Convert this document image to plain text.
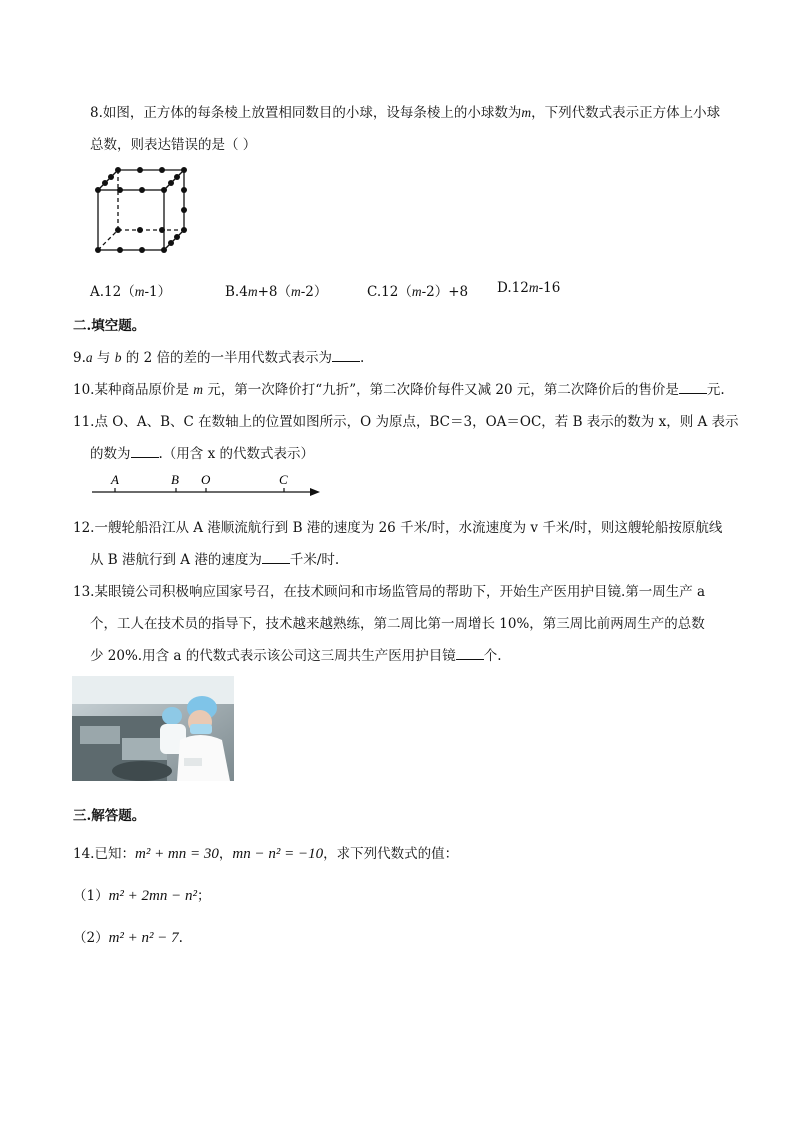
8.如图，正方体的每条棱上放置相同数目的小球，设每条棱上的小球数为m，下列代数式表示正方体上小球
总数，则表达错误的是（ ）
A.12（m-1）	B.4m+8（m-2）	C.12（m-2）+8 D.12m-16
二.填空题。
9.a 与 b 的 2 倍的差的一半用代数式表示为 .
10.某种商品原价是 m 元，第一次降价打“九折”，第二次降价每件又减 20 元，第二次降价后的售价是 元.
11.点 O、A、B、C 在数轴上的位置如图所示，O 为原点，BC＝3，OA＝OC，若 B 表示的数为 x，则 A 表示
的数为 .（用含 x 的代数式表示）
A	B O	C
12.一艘轮船沿江从 A 港顺流航行到 B 港的速度为 26 千米/时，水流速度为 v 千米/时，则这艘轮船按原航线
从 B 港航行到 A 港的速度为 千米/时.
13.某眼镜公司积极响应国家号召，在技术顾问和市场监管局的帮助下，开始生产医用护目镜.第一周生产 a
个，工人在技术员的指导下，技术越来越熟练，第二周比第一周增长 10%，第三周比前两周生产的总数
少 20%.用含 a 的代数式表示该公司这三周共生产医用护目镜 个.
三.解答题。
14.已知：m² + mn = 30，mn − n² = −10，求下列代数式的值：
（1）m² + 2mn − n²；
（2）m² + n² − 7.
